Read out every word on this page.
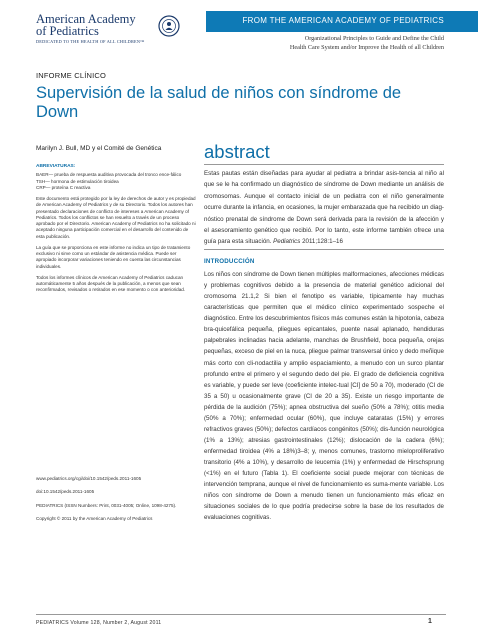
American Academy
of Pediatrics
DEDICATED TO THE HEALTH OF ALL CHILDREN™
FROM THE AMERICAN ACADEMY OF PEDIATRICS
Organizational Principles to Guide and Define the Child
Health Care System and/or Improve the Health of all Children
INFORME CLÍNICO
Supervisión de la salud de niños con síndrome de Down
Marilyn J. Bull, MD y el Comité de Genética
ABREVIATURAS:
BAER— prueba de respuesta auditiva provocada del tronco ence-fálico
TSH— hormona de estimulación tiroidea
CRP— proteína C reactiva

Este documento está protegido por la ley de derechos de autor y es propiedad de American Academy of Pediatrics y de su Directorio. Todos los autores han presentado declaraciones de conflicto de intereses a American Academy of Pediatrics. Todos los conflictos se han resuelto a través de un proceso aprobado por el Directorio. American Academy of Pediatrics no ha solicitado ni aceptado ninguna participación comercial en el desarrollo del contenido de esta publicación.

La guía que se proporciona en este informe no indica un tipo de tratamiento exclusivo ni sirve como un estándar de asistencia médica. Puede ser apropiado incorporar variaciones teniendo en cuenta las circunstancias individuales.

Todos los informes clínicos de American Academy of Pediatrics caducan automáticamente 5 años después de la publicación, a menos que sean reconfirmados, revisados o retirados en ese momento o con anterioridad.

www.pediatrics.org/cgi/doi/10.1542/peds.2011-1605

doi:10.1542/peds.2011-1605

PEDIATRICS (ISSN Numbers: Print, 0031-4005; Online, 1098-4275).

Copyright © 2011 by the American Academy of Pediatrics

abstract
Estas pautas están diseñadas para ayudar al pediatra a brindar asis-tencia al niño al que se le ha confirmado un diagnóstico de síndrome de Down mediante un análisis de cromosomas. Aunque el contacto inicial de un pediatra con el niño generalmente ocurre durante la infancia, en ocasiones, la mujer embarazada que ha recibido un diag-nóstico prenatal de síndrome de Down será derivada para la revisión de la afección y el asesoramiento genético que recibió. Por lo tanto, este informe también ofrece una guía para esta situación. Pediatrics 2011;128:1–16
INTRODUCCIÓN
Los niños con síndrome de Down tienen múltiples malformaciones, afecciones médicas y problemas cognitivos debido a la presencia de material genético adicional del cromosoma 21.1,2 Si bien el fenotipo es variable, típicamente hay muchas características que permiten que el médico clínico experimentado sospeche el diagnóstico. Entre los descubrimientos físicos más comunes están la hipotonía, cabeza bra-quicefálica pequeña, pliegues epicantales, puente nasal aplanado, hendiduras palpebrales inclinadas hacia adelante, manchas de Brushfield, boca pequeña, orejas pequeñas, exceso de piel en la nuca, pliegue palmar transversal único y dedo meñique más corto con cli-nodactilia y amplio espaciamiento, a menudo con un surco plantar profundo entre el primero y el segundo dedo del pie. El grado de deficiencia cognitiva es variable, y puede ser leve (coeficiente intelec-tual [CI] de 50 a 70), moderado (CI de 35 a 50) u ocasionalmente grave (CI de 20 a 35). Existe un riesgo importante de pérdida de la audición (75%); apnea obstructiva del sueño (50% a 78%); otitis media (50% a 70%); enfermedad ocular (60%), que incluye cataratas (15%) y errores refractivos graves (50%); defectos cardíacos congénitos (50%); dis-función neurológica (1% a 13%); atresias gastrointestinales (12%); dislocación de la cadera (6%); enfermedad tiroidea (4% a 18%)3–8; y, menos comunes, trastorno mieloproliferativo transitorio (4% a 10%), y desarrollo de leucemia (1%) y enfermedad de Hirschsprung (<1%) en el futuro (Tabla 1). El coeficiente social puede mejorar con técnicas de intervención temprana, aunque el nivel de funcionamiento es suma-mente variable. Los niños con síndrome de Down a menudo tienen un funcionamiento más eficaz en situaciones sociales de lo que podría predecirse sobre la base de los resultados de evaluaciones cognitivas.
PEDIATRICS Volume 128, Number 2, August 2011	1
